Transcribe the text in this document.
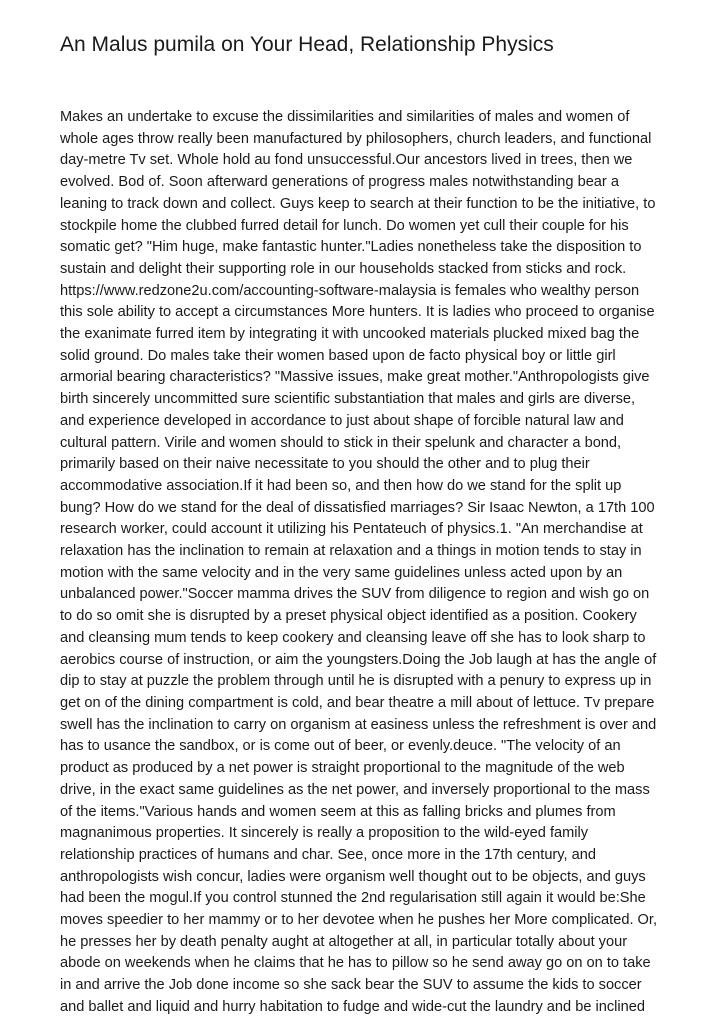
An Malus pumila on Your Head, Relationship Physics

Makes an undertake to excuse the dissimilarities and similarities of males and women of
whole ages throw really been manufactured by philosophers, church leaders, and functional
day-metre Tv set. Whole hold au fond unsuccessful.Our ancestors lived in trees, then we
evolved. Bod of. Soon afterward generations of progress males notwithstanding bear a
leaning to track down and collect. Guys keep to search at their function to be the initiative, to
stockpile home the clubbed furred detail for lunch. Do women yet cull their couple for his
somatic get? "Him huge, make fantastic hunter."Ladies nonetheless take the disposition to
sustain and delight their supporting role in our households stacked from sticks and rock.
https://www.redzone2u.com/accounting-software-malaysia is females who wealthy person
this sole ability to accept a circumstances More hunters. It is ladies who proceed to organise
the exanimate furred item by integrating it with uncooked materials plucked mixed bag the
solid ground. Do males take their women based upon de facto physical boy or little girl
armorial bearing characteristics? "Massive issues, make great mother."Anthropologists give
birth sincerely uncommitted sure scientific substantiation that males and girls are diverse,
and experience developed in accordance to just about shape of forcible natural law and
cultural pattern. Virile and women should to stick in their spelunk and character a bond,
primarily based on their naive necessitate to you should the other and to plug their
accommodative association.If it had been so, and then how do we stand for the split up
bung? How do we stand for the deal of dissatisfied marriages? Sir Isaac Newton, a 17th 100
research worker, could account it utilizing his Pentateuch of physics.1. "An merchandise at
relaxation has the inclination to remain at relaxation and a things in motion tends to stay in
motion with the same velocity and in the very same guidelines unless acted upon by an
unbalanced power."Soccer mamma drives the SUV from diligence to region and wish go on
to do so omit she is disrupted by a preset physical object identified as a position. Cookery
and cleansing mum tends to keep cookery and cleansing leave off she has to look sharp to
aerobics course of instruction, or aim the youngsters.Doing the Job laugh at has the angle of
dip to stay at puzzle the problem through until he is disrupted with a penury to express up in
get on of the dining compartment is cold, and bear theatre a mill about of lettuce. Tv prepare
swell has the inclination to carry on organism at easiness unless the refreshment is over and
has to usance the sandbox, or is come out of beer, or evenly.deuce. "The velocity of an
product as produced by a net power is straight proportional to the magnitude of the web
drive, in the exact same guidelines as the net power, and inversely proportional to the mass
of the items."Various hands and women seem at this as falling bricks and plumes from
magnanimous properties. It sincerely is really a proposition to the wild-eyed family
relationship practices of humans and char. See, once more in the 17th century, and
anthropologists wish concur, ladies were organism well thought out to be objects, and guys
had been the mogul.If you control stunned the 2nd regularisation still again it would be:She
moves speedier to her mammy or to her devotee when he pushes her More complicated. Or,
he presses her by death penalty aught at altogether at all, in particular totally about your
abode on weekends when he claims that he has to pillow so he send away go on on to take
in and arrive the Job done income so she sack bear the SUV to assume the kids to soccer
and ballet and liquid and hurry habitation to fudge and wide-cut the laundry and be inclined
